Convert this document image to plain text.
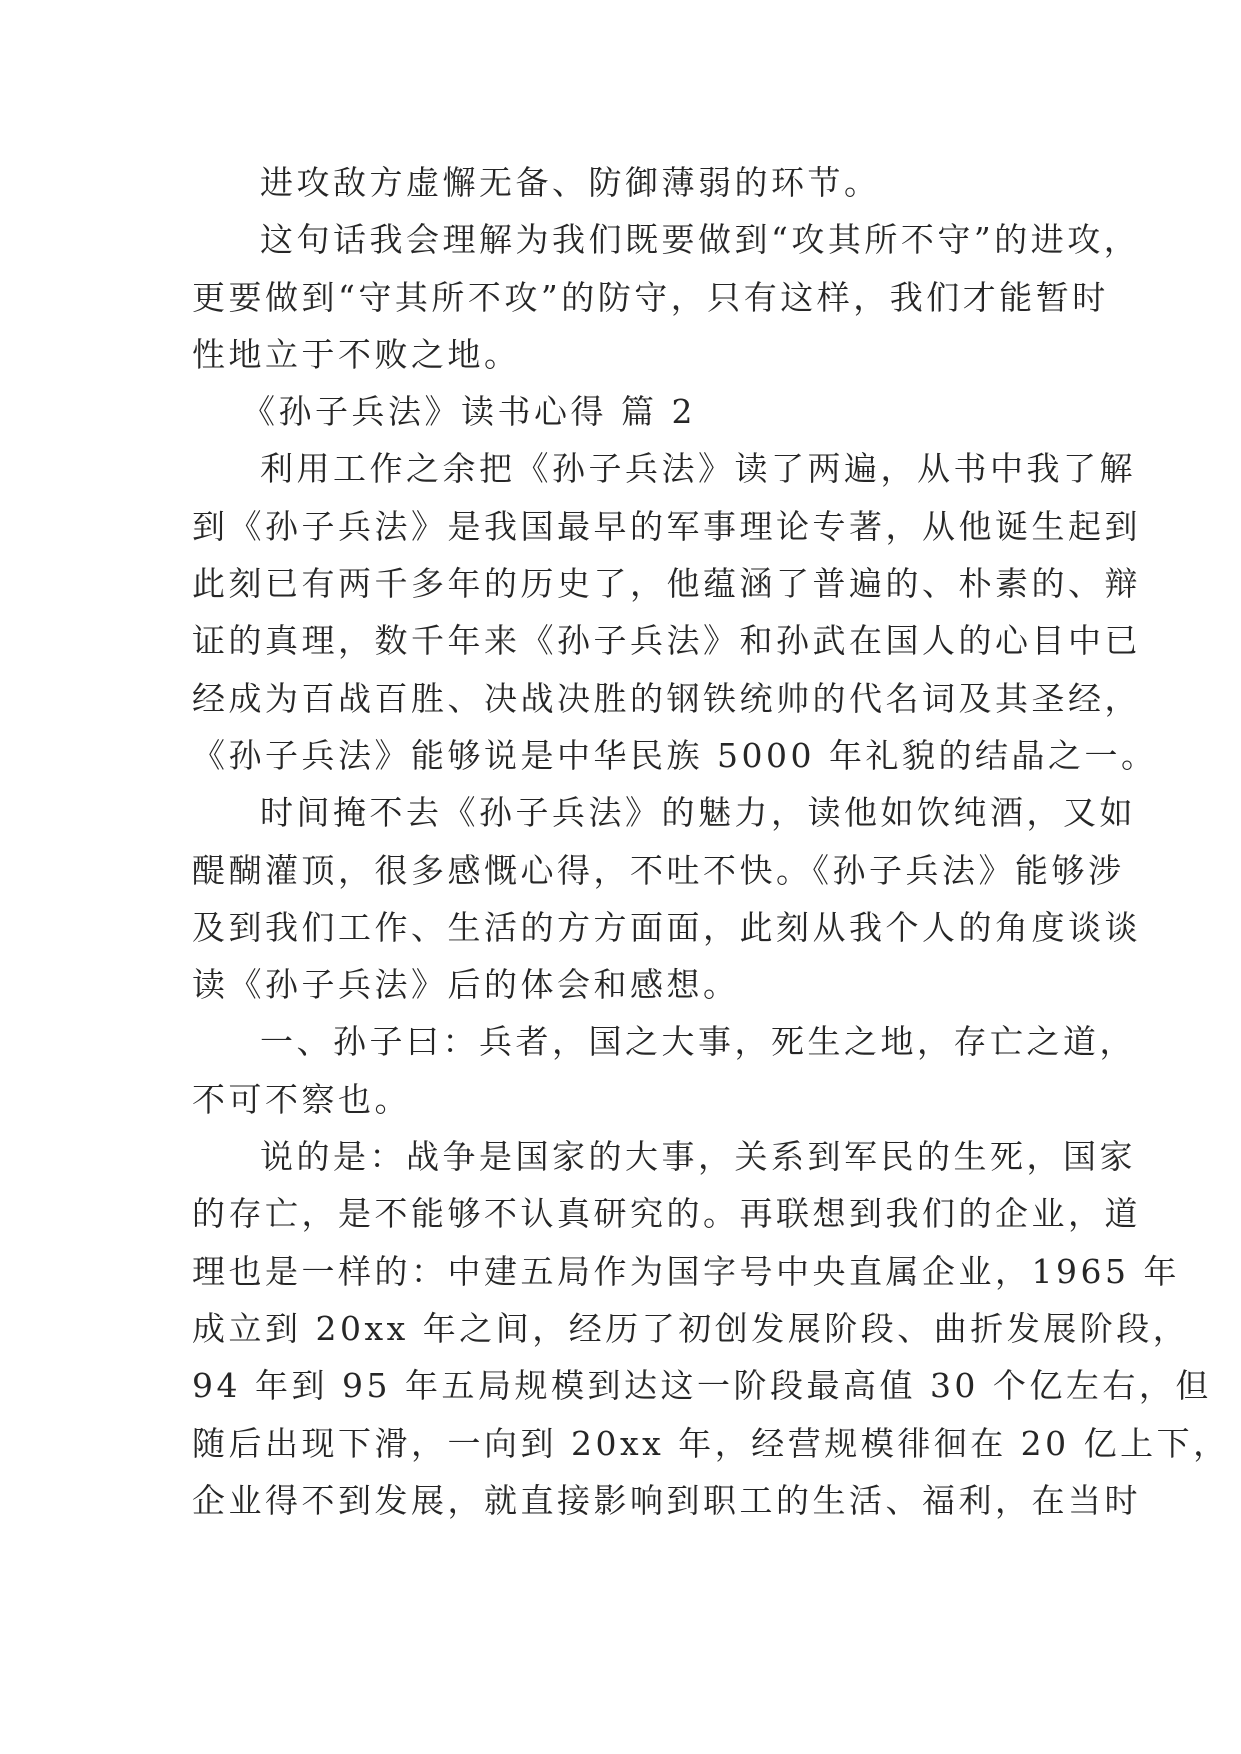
进攻敌方虚懈无备、防御薄弱的环节。
这句话我会理解为我们既要做到“攻其所不守”的进攻，
更要做到“守其所不攻”的防守，只有这样，我们才能暂时
性地立于不败之地。
《孙子兵法》读书心得 篇 2
利用工作之余把《孙子兵法》读了两遍，从书中我了解
到《孙子兵法》是我国最早的军事理论专著，从他诞生起到
此刻已有两千多年的历史了，他蕴涵了普遍的、朴素的、辩
证的真理，数千年来《孙子兵法》和孙武在国人的心目中已
经成为百战百胜、决战决胜的钢铁统帅的代名词及其圣经，
《孙子兵法》能够说是中华民族 5000 年礼貌的结晶之一。
时间掩不去《孙子兵法》的魅力，读他如饮纯酒，又如
醍醐灌顶，很多感慨心得，不吐不快。《孙子兵法》能够涉
及到我们工作、生活的方方面面，此刻从我个人的角度谈谈
读《孙子兵法》后的体会和感想。
一、孙子曰：兵者，国之大事，死生之地，存亡之道，
不可不察也。
说的是：战争是国家的大事，关系到军民的生死，国家
的存亡，是不能够不认真研究的。再联想到我们的企业，道
理也是一样的：中建五局作为国字号中央直属企业，1965 年
成立到 20xx 年之间，经历了初创发展阶段、曲折发展阶段，
94 年到 95 年五局规模到达这一阶段最高值 30 个亿左右，但
随后出现下滑，一向到 20xx 年，经营规模徘徊在 20 亿上下，
企业得不到发展，就直接影响到职工的生活、福利，在当时
